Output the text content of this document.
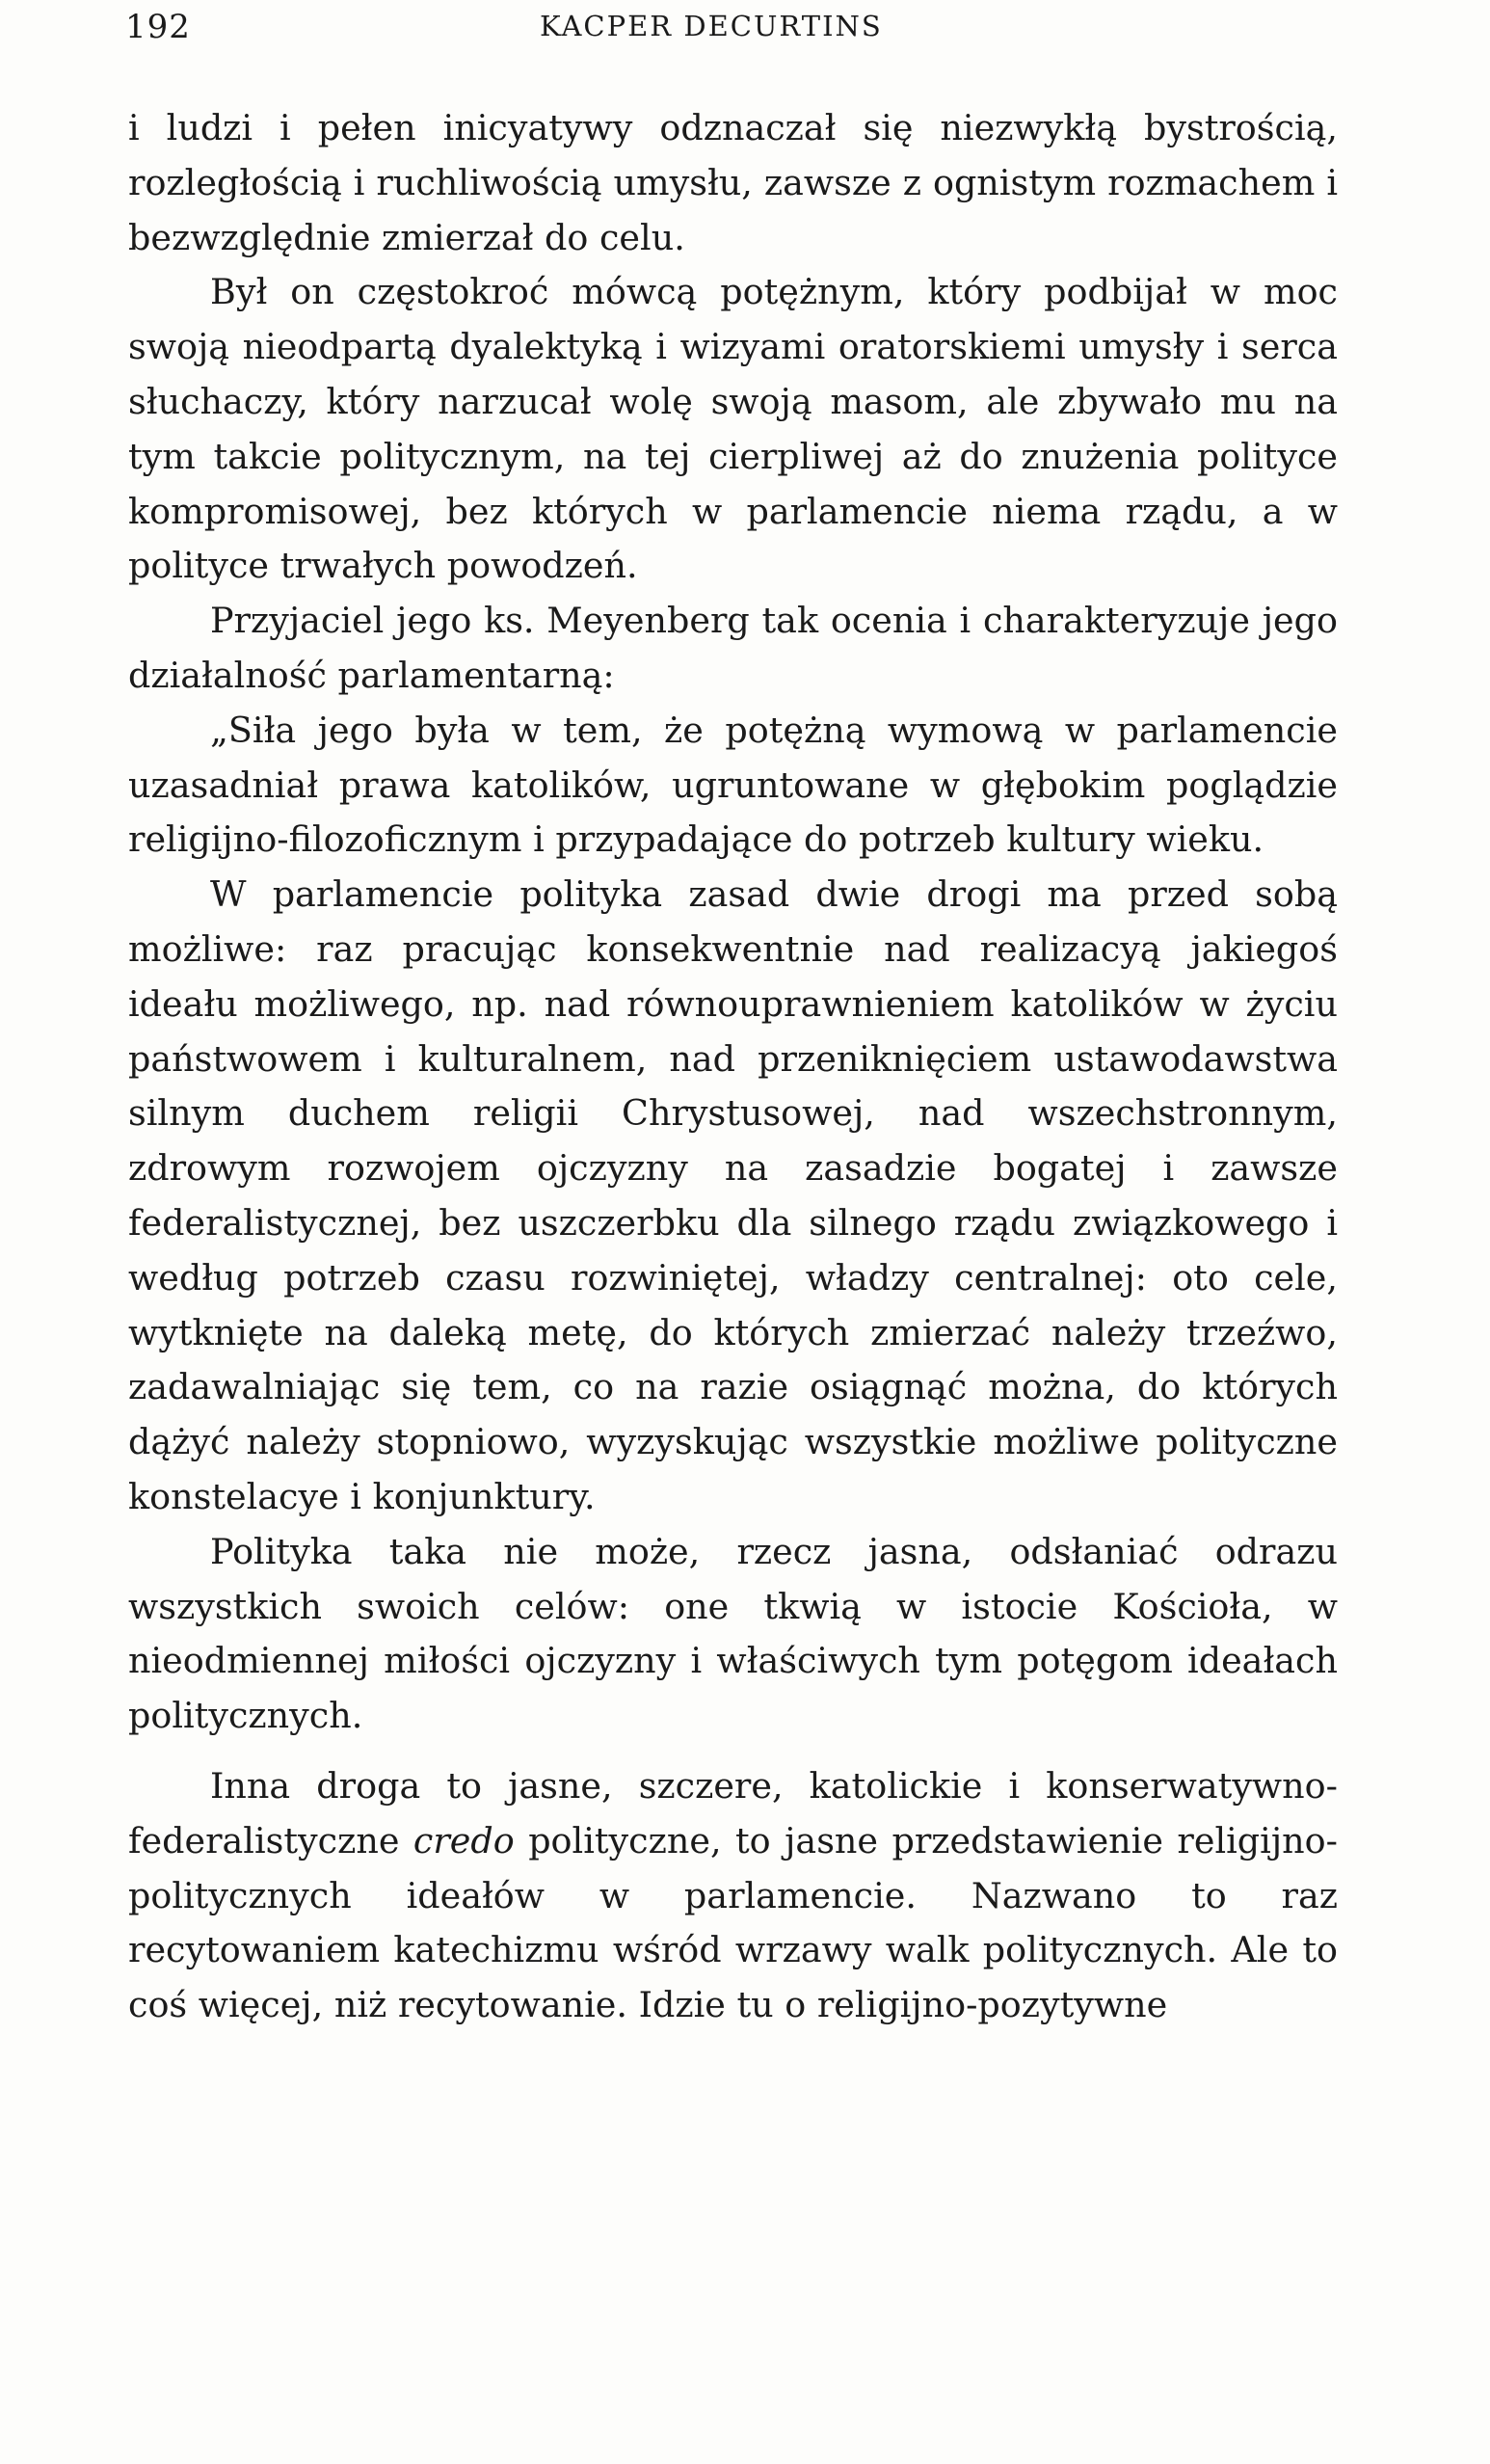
192	KACPER DECURTINS

i ludzi i pełen inicyatywy odznaczał się niezwykłą bystrością, rozległością i ruchliwością umysłu, zawsze z ognistym rozmachem i bezwzględnie zmierzał do celu.

Był on częstokroć mówcą potężnym, który podbijał w moc swoją nieodpartą dyalektyką i wizyami oratorskiemi umysły i serca słuchaczy, który narzucał wolę swoją masom, ale zbywało mu na tym takcie politycznym, na tej cierpliwej aż do znużenia polityce kompromisowej, bez których w parlamencie niema rządu, a w polityce trwałych powodzeń.

Przyjaciel jego ks. Meyenberg tak ocenia i charakteryzuje jego działalność parlamentarną:

„Siła jego była w tem, że potężną wymową w parlamencie uzasadniał prawa katolików, ugruntowane w głębokim poglądzie religijno-filozoficznym i przypadające do potrzeb kultury wieku.

W parlamencie polityka zasad dwie drogi ma przed sobą możliwe: raz pracując konsekwentnie nad realizacyą jakiegoś ideału możliwego, np. nad równouprawnieniem katolików w życiu państwowem i kulturalnem, nad przeniknięciem ustawodawstwa silnym duchem religii Chrystusowej, nad wszechstronnym, zdrowym rozwojem ojczyzny na zasadzie bogatej i zawsze federalistycznej, bez uszczerbku dla silnego rządu związkowego i według potrzeb czasu rozwiniętej, władzy centralnej: oto cele, wytknięte na daleką metę, do których zmierzać należy trzeźwo, zadawalniając się tem, co na razie osiągnąć można, do których dążyć należy stopniowo, wyzyskując wszystkie możliwe polityczne konstelacye i konjunktury.

Polityka taka nie może, rzecz jasna, odsłaniać odrazu wszystkich swoich celów: one tkwią w istocie Kościoła, w nieodmiennej miłości ojczyzny i właściwych tym potęgom ideałach politycznych.

Inna droga to jasne, szczere, katolickie i konserwatywno-federalistyczne credo polityczne, to jasne przedstawienie religijno-politycznych ideałów w parlamencie. Nazwano to raz recytowaniem katechizmu wśród wrzawy walk politycznych. Ale to coś więcej, niż recytowanie. Idzie tu o religijno-pozytywne
